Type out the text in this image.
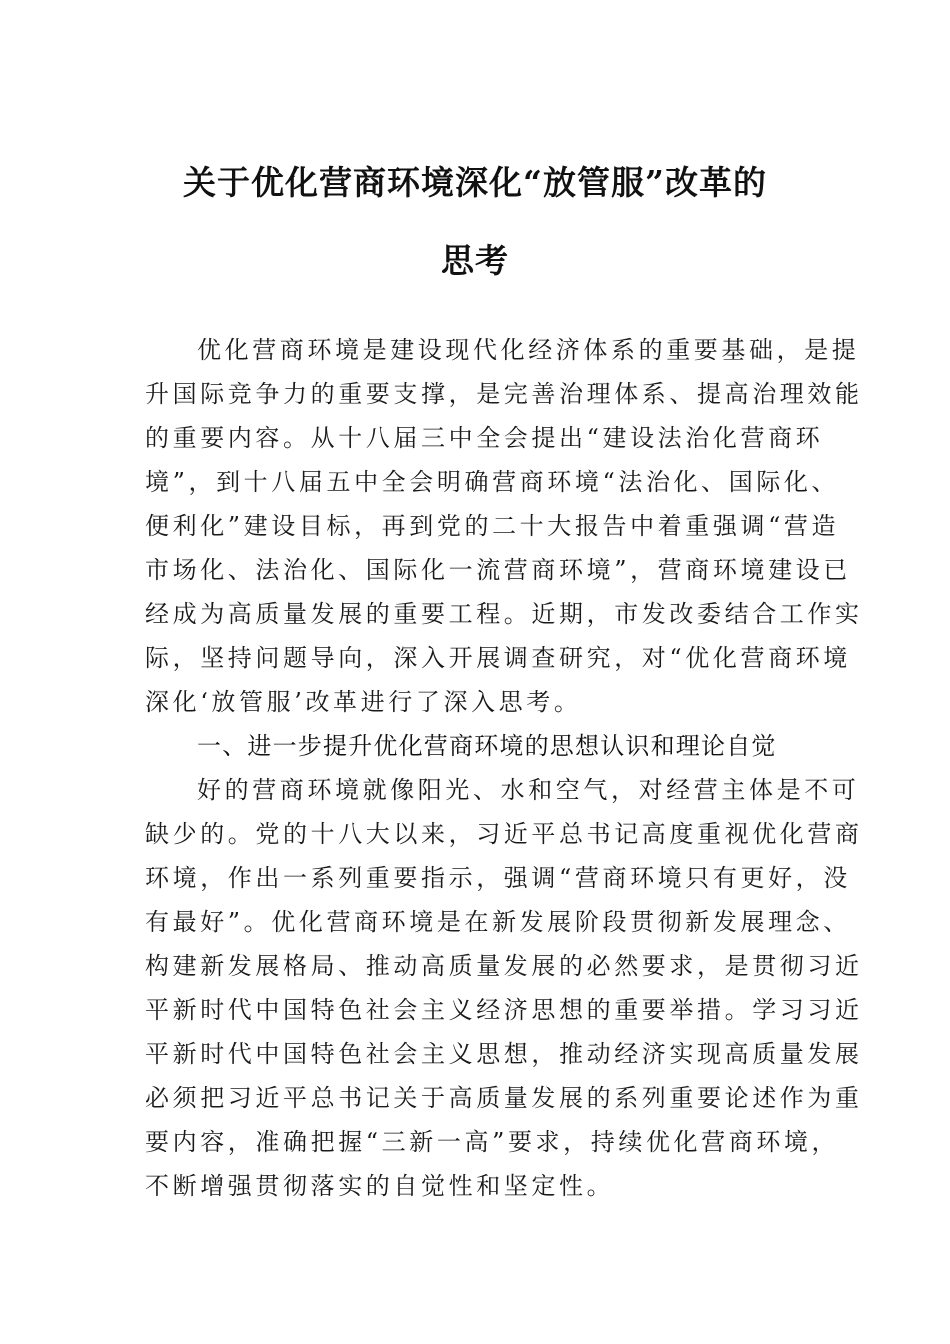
关于优化营商环境深化“放管服”改革的
思考
优化营商环境是建设现代化经济体系的重要基础，是提
升国际竞争力的重要支撑，是完善治理体系、提高治理效能
的重要内容。从十八届三中全会提出“建设法治化营商环
境”，到十八届五中全会明确营商环境“法治化、国际化、
便利化”建设目标，再到党的二十大报告中着重强调“营造
市场化、法治化、国际化一流营商环境”，营商环境建设已
经成为高质量发展的重要工程。近期，市发改委结合工作实
际，坚持问题导向，深入开展调查研究，对“优化营商环境
深化‘放管服’改革进行了深入思考。
一、进一步提升优化营商环境的思想认识和理论自觉
好的营商环境就像阳光、水和空气，对经营主体是不可
缺少的。党的十八大以来，习近平总书记高度重视优化营商
环境，作出一系列重要指示，强调“营商环境只有更好，没
有最好”。优化营商环境是在新发展阶段贯彻新发展理念、
构建新发展格局、推动高质量发展的必然要求，是贯彻习近
平新时代中国特色社会主义经济思想的重要举措。学习习近
平新时代中国特色社会主义思想，推动经济实现高质量发展
必须把习近平总书记关于高质量发展的系列重要论述作为重
要内容，准确把握“三新一高”要求，持续优化营商环境，
不断增强贯彻落实的自觉性和坚定性。
